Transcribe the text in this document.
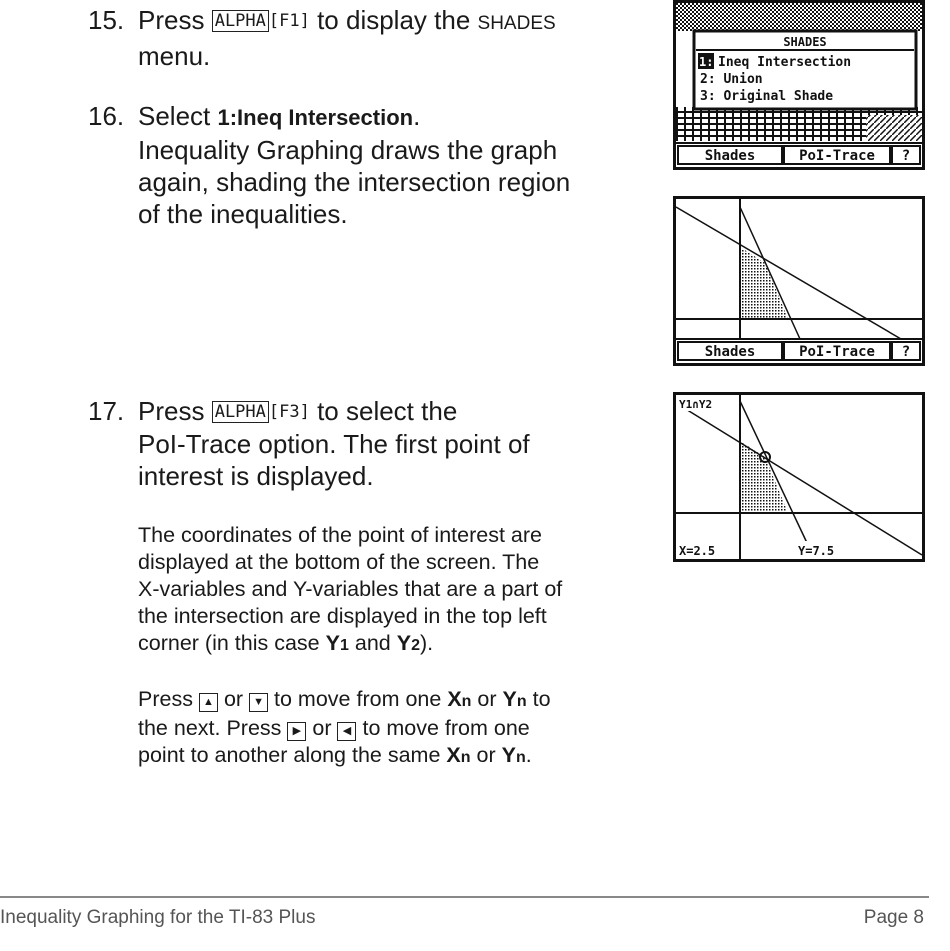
15. Press ALPHA [F1] to display the SHADES
menu.
16. Select 1:Ineq Intersection.
Inequality Graphing draws the graph
again, shading the intersection region
of the inequalities.
17. Press ALPHA [F3] to select the
PoI-Trace option. The first point of
interest is displayed.
The coordinates of the point of interest are
displayed at the bottom of the screen. The
X-variables and Y-variables that are a part of
the intersection are displayed in the top left
corner (in this case Y1 and Y2).
Press ▲ or ▼ to move from one Xn or Yn to
the next. Press ▶ or ◀ to move from one
point to another along the same Xn or Yn.
SHADES
1: Ineq Intersection
2: Union
3: Original Shade
Shades	PoI-Trace ?
Shades	PoI-Trace ?
Y1∩Y2
X=2.5	Y=7.5
Inequality Graphing for the TI-83 Plus	Page 8
